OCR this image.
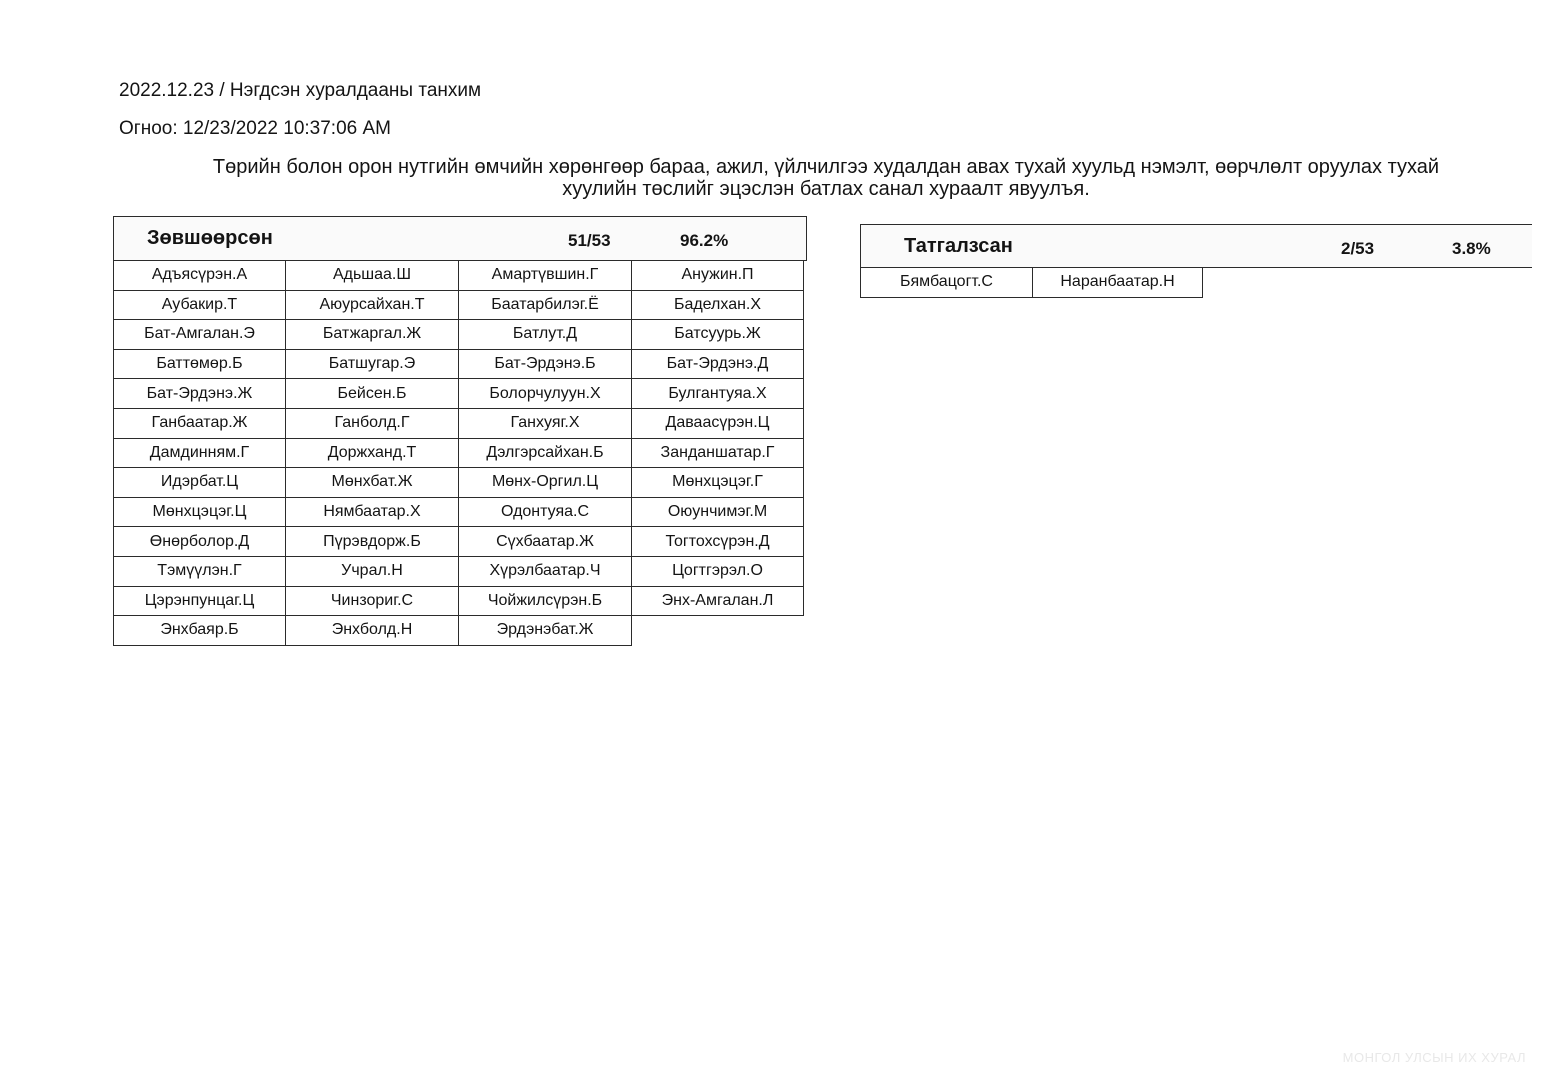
2022.12.23 / Нэгдсэн хуралдааны танхим
Огноо: 12/23/2022 10:37:06 AM
Төрийн болон орон нутгийн өмчийн хөрөнгөөр бараа, ажил, үйлчилгээ худалдан авах тухай хуульд нэмэлт, өөрчлөлт оруулах тухай
хуулийн төслийг эцэслэн батлах санал хураалт явуулъя.
Зөвшөөрсөн	51/53	96.2%
Адъясүрэн.А	Адьшаа.Ш	Амартүвшин.Г	Анужин.П
Аубакир.Т	Аюурсайхан.Т	Баатарбилэг.Ё	Баделхан.Х
Бат-Амгалан.Э	Батжаргал.Ж	Батлут.Д	Батсуурь.Ж
Баттөмөр.Б	Батшугар.Э	Бат-Эрдэнэ.Б	Бат-Эрдэнэ.Д
Бат-Эрдэнэ.Ж	Бейсен.Б	Болорчулуун.Х	Булгантуяа.Х
Ганбаатар.Ж	Ганболд.Г	Ганхуяг.Х	Даваасүрэн.Ц
Дамдинням.Г	Доржханд.Т	Дэлгэрсайхан.Б	Занданшатар.Г
Идэрбат.Ц	Мөнхбат.Ж	Мөнх-Оргил.Ц	Мөнхцэцэг.Г
Мөнхцэцэг.Ц	Нямбаатар.Х	Одонтуяа.С	Оюунчимэг.М
Өнөрболор.Д	Пүрэвдорж.Б	Сүхбаатар.Ж	Тогтохсүрэн.Д
Тэмүүлэн.Г	Учрал.Н	Хүрэлбаатар.Ч	Цогтгэрэл.О
Цэрэнпунцаг.Ц	Чинзориг.С	Чойжилсүрэн.Б	Энх-Амгалан.Л
Энхбаяр.Б	Энхболд.Н	Эрдэнэбат.Ж	
Татгалзсан	2/53	3.8%
Бямбацогт.С	Наранбаатар.Н
МОНГОЛ УЛСЫН ИХ ХУРАЛ
